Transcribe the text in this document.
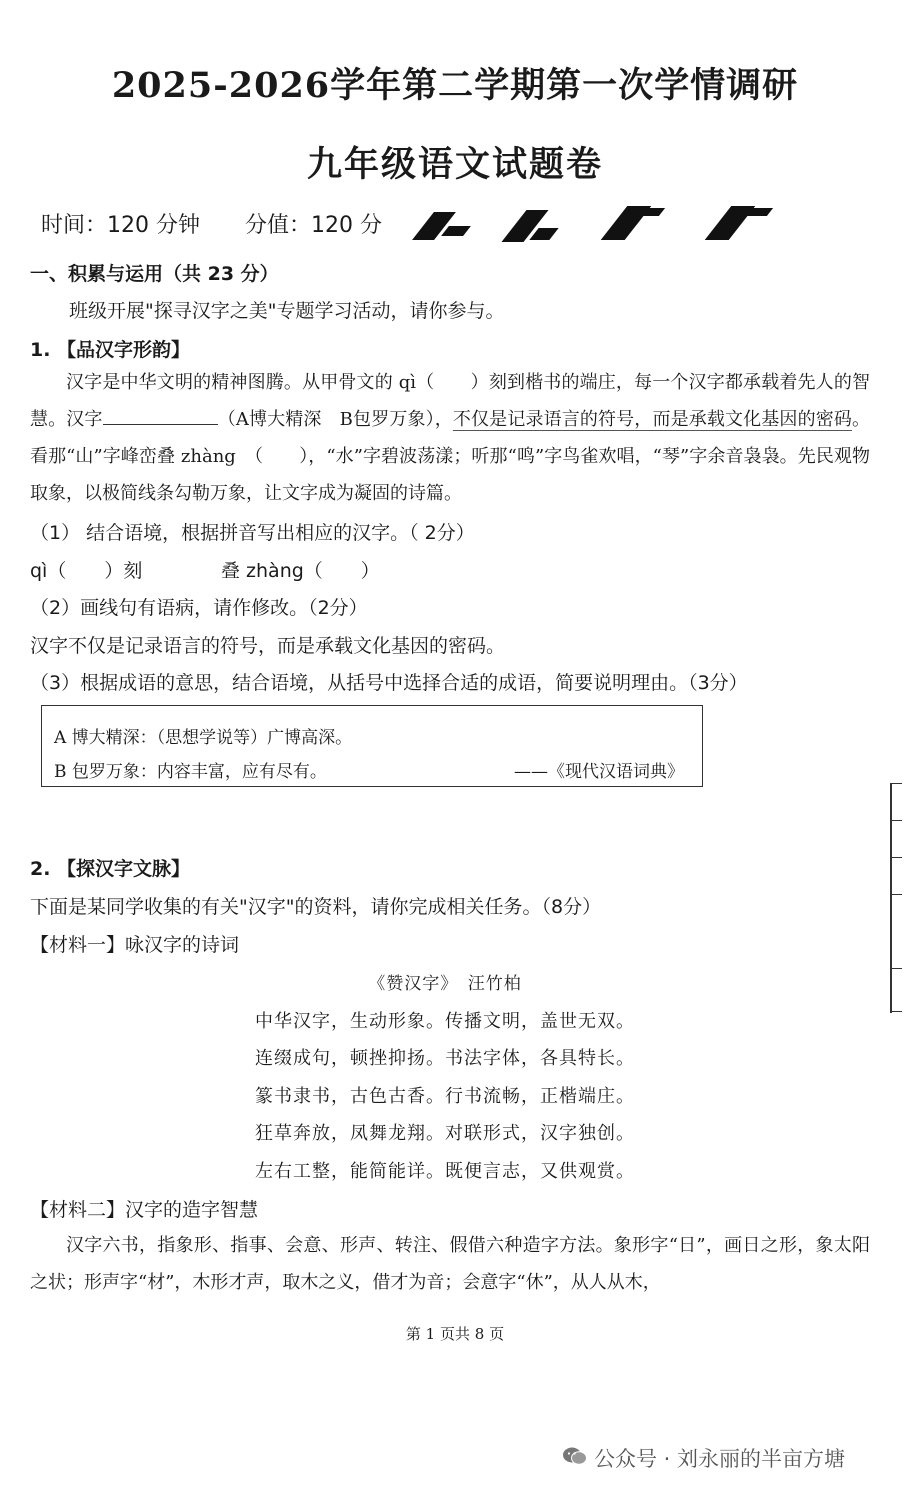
2025-2026学年第二学期第一次学情调研
九年级语文试题卷
时间：120 分钟 分值：120 分
一、积累与运用（共 23 分）
班级开展"探寻汉字之美"专题学习活动，请你参与。
1. 【品汉字形韵】
汉字是中华文明的精神图腾。从甲骨文的 qì（　　）刻到楷书的端庄，每一个汉字都承载着先人的智慧。汉字	（A博大精深　B包罗万象），不仅是记录语言的符号，而是承载文化基因的密码。看那“山”字峰峦叠 zhàng　（　　），“水”字碧波荡漾；听那“鸣”字鸟雀欢唱，“琴”字余音袅袅。先民观物取象，以极简线条勾勒万象，让文字成为凝固的诗篇。
（1） 结合语境，根据拼音写出相应的汉字。（ 2分）
qì（　　）刻	叠 zhàng（　　）
（2）画线句有语病，请作修改。（2分）
汉字不仅是记录语言的符号，而是承载文化基因的密码。
（3）根据成语的意思，结合语境，从括号中选择合适的成语，简要说明理由。（3分）
A 博大精深：（思想学说等）广博高深。
B 包罗万象：内容丰富，应有尽有。	——《现代汉语词典》
2. 【探汉字文脉】
下面是某同学收集的有关"汉字"的资料，请你完成相关任务。（8分）
【材料一】咏汉字的诗词
《赞汉字》　汪竹柏
中华汉字，生动形象。传播文明，盖世无双。
连缀成句，顿挫抑扬。书法字体，各具特长。
篆书隶书，古色古香。行书流畅，正楷端庄。
狂草奔放，凤舞龙翔。对联形式，汉字独创。
左右工整，能简能详。既便言志，又供观赏。
【材料二】汉字的造字智慧
汉字六书，指象形、指事、会意、形声、转注、假借六种造字方法。象形字“日”，画日之形，象太阳之状；形声字“材”，木形才声，取木之义，借才为音；会意字“休”，从人从木，
第 1 页共 8 页
公众号 · 刘永丽的半亩方塘
